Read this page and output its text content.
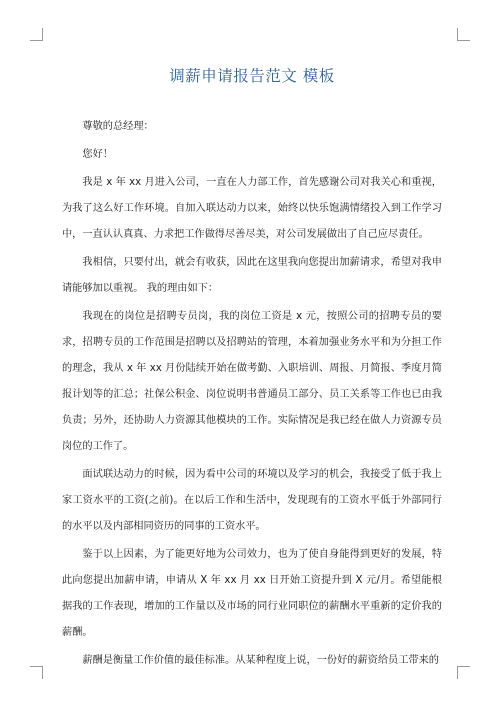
调薪申请报告范文 模板

尊敬的总经理：

您好！

我是 x 年 xx 月进入公司，一直在人力部工作，首先感谢公司对我关心和重视，为我了这么好工作环境。自加入联达动力以来，始终以快乐饱满情绪投入到工作学习中，一直认认真真、力求把工作做得尽善尽美，对公司发展做出了自己应尽责任。

我相信，只要付出，就会有收获，因此在这里我向您提出加薪请求，希望对我申请能够加以重视。 我的理由如下：

我现在的岗位是招聘专员岗，我的岗位工资是 x 元，按照公司的招聘专员的要求，招聘专员的工作范围是招聘以及招聘站的管理，本着加强业务水平和为分担工作的理念，我从 x 年 xx 月份陆续开始在做考勤、入职培训、周报、月简报、季度月简报计划等的汇总；社保公积金、岗位说明书普通员工部分、员工关系等工作也已由我负责；另外，还协助人力资源其他模块的工作。实际情况是我已经在做人力资源专员岗位的工作了。

面试联达动力的时候，因为看中公司的环境以及学习的机会，我接受了低于我上家工资水平的工资(之前)。在以后工作和生活中，发现现有的工资水平低于外部同行的水平以及内部相同资历的同事的工资水平。

鉴于以上因素，为了能更好地为公司效力，也为了使自身能得到更好的发展，特此向您提出加薪申请，申请从 X 年 xx 月 xx 日开始工资提升到 X 元/月。希望能根据我的工作表现，增加的工作量以及市场的同行业同职位的薪酬水平重新的定价我的薪酬。

薪酬是衡量工作价值的最佳标准。从某种程度上说，一份好的薪资给员工带来的
